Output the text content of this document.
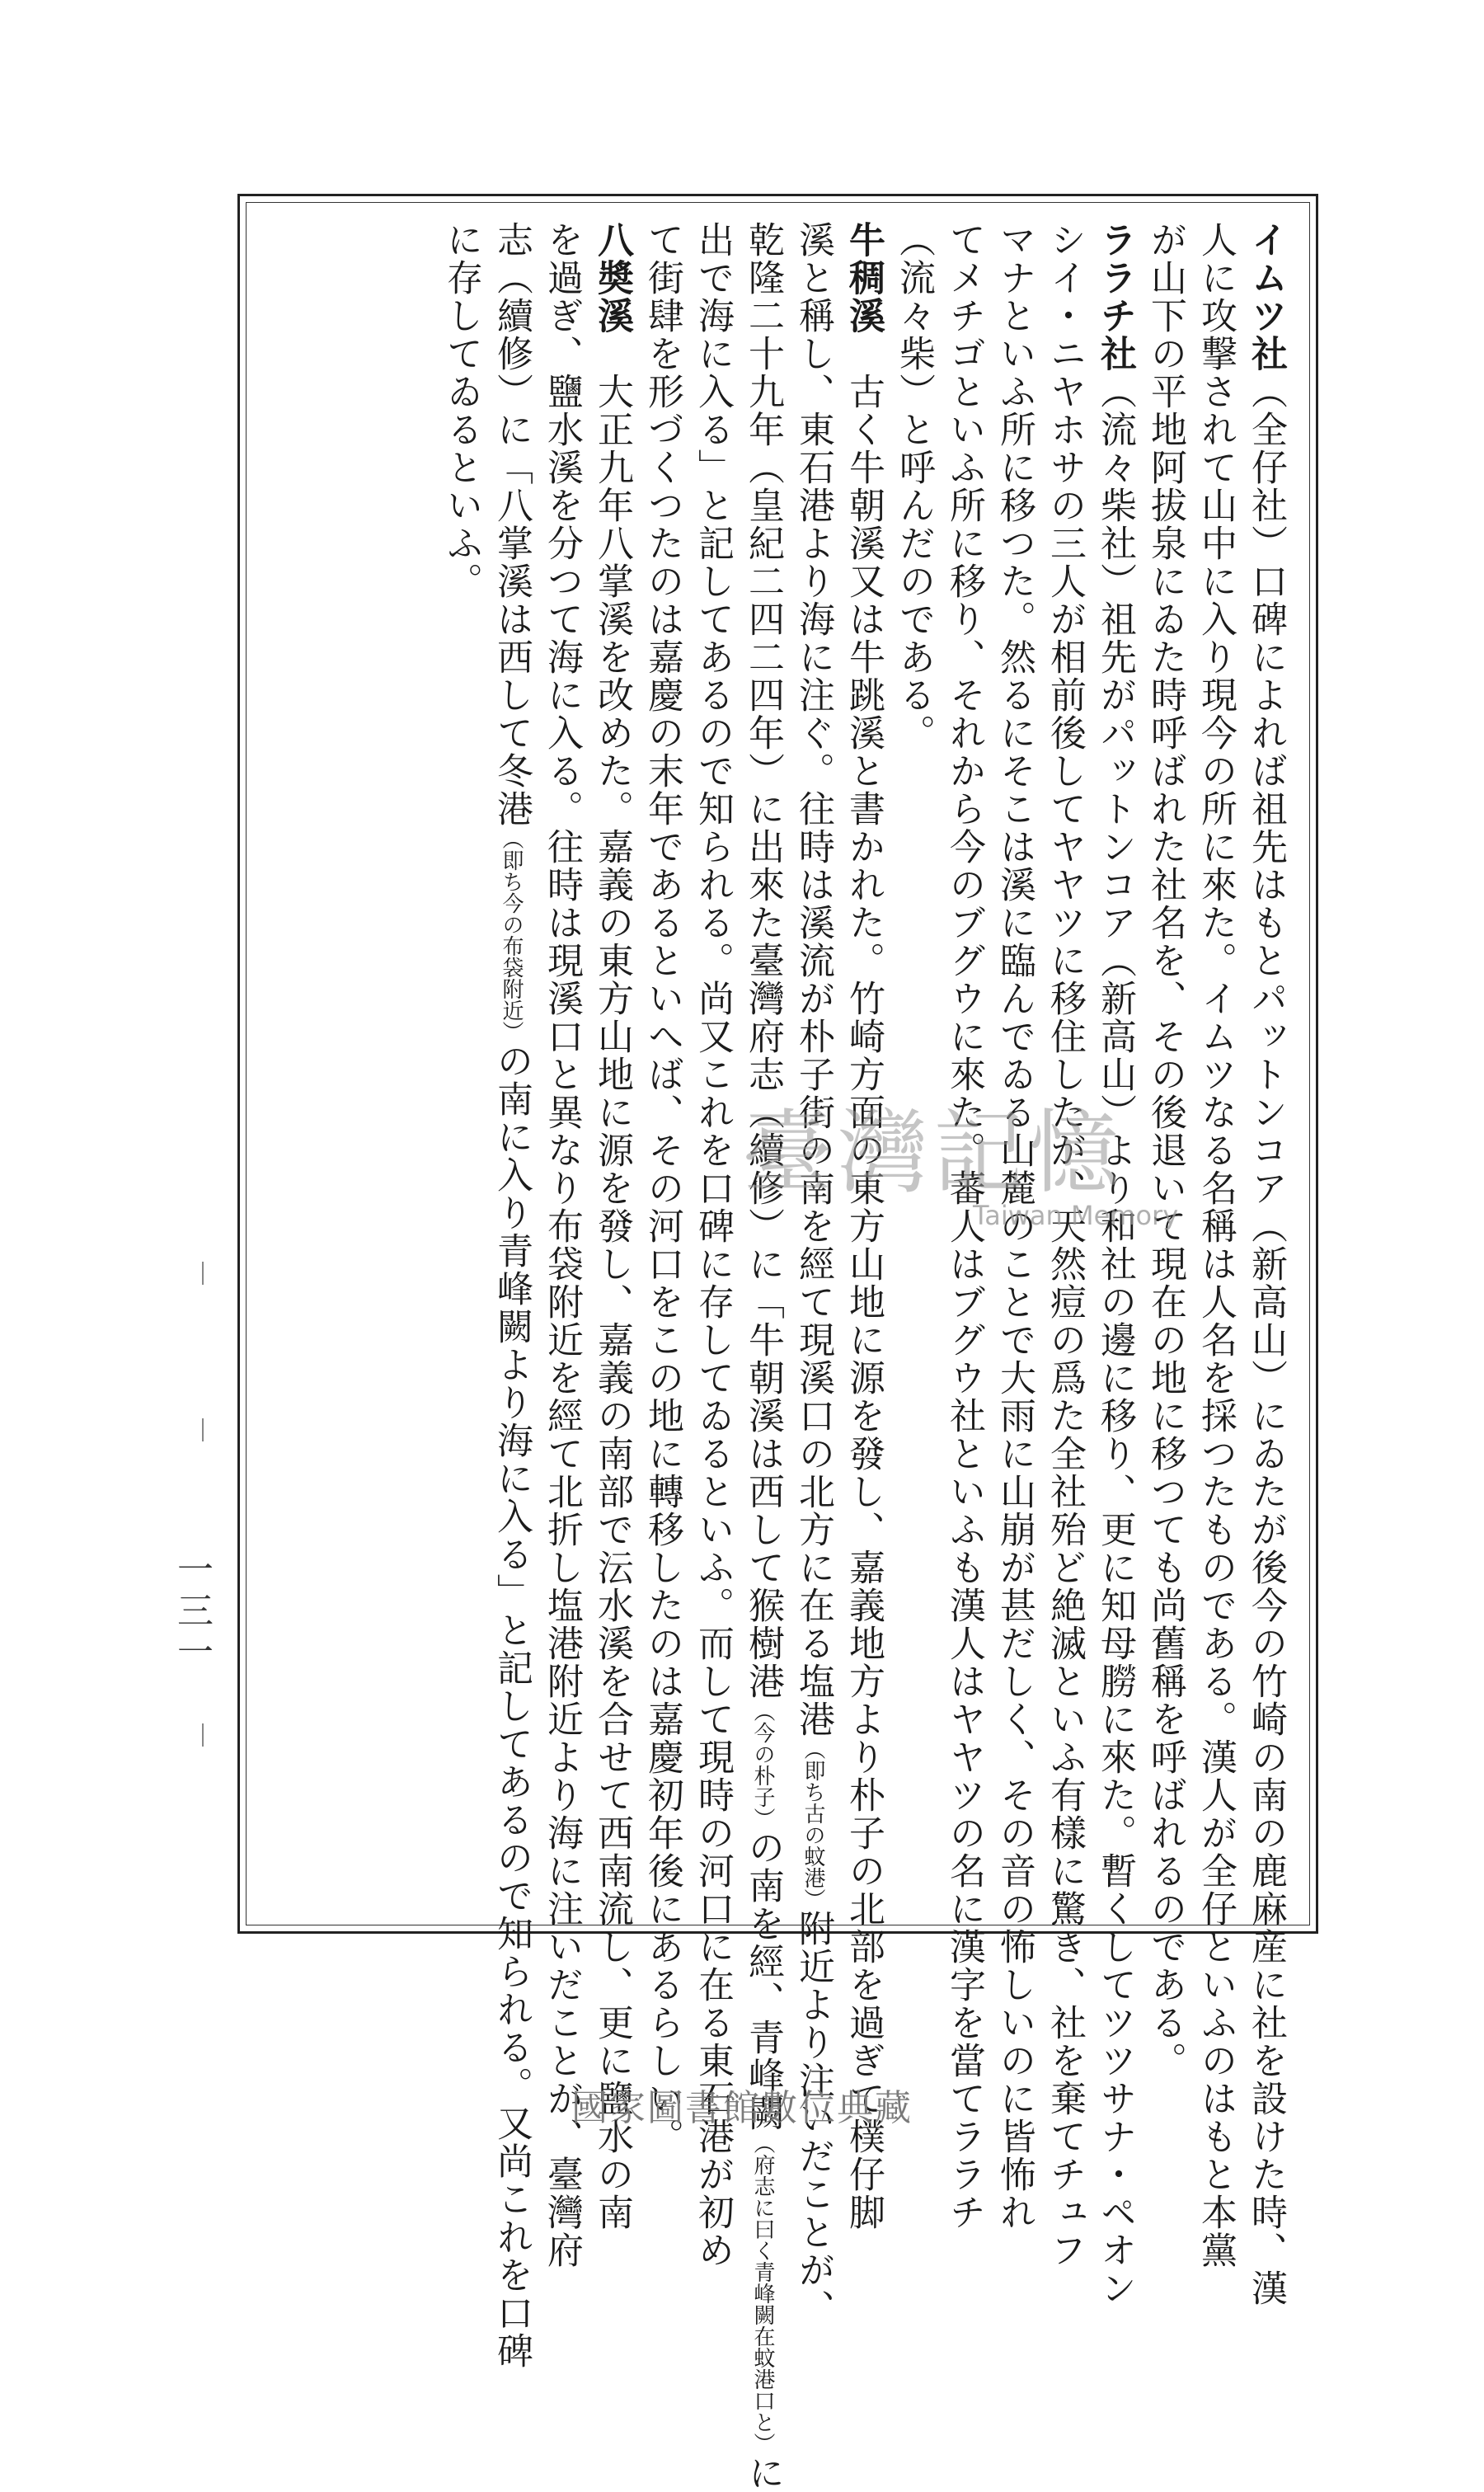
イムツ社（全仔社）口碑によれば祖先はもとパットンコア（新高山）にゐたが後今の竹崎の南の鹿麻産に社を設けた時、漢
人に攻撃されて山中に入り現今の所に來た。イムツなる名稱は人名を採つたものである。漢人が全仔といふのはもと本黨
が山下の平地阿拔泉にゐた時呼ばれた社名を、その後退いて現在の地に移つても尚舊稱を呼ばれるのである。
ララチ社（流々柴社）祖先がパットンコア（新高山）より和社の邊に移り、更に知母朥に來た。暫くしてツツサナ・ペオン
シイ・ニヤホサの三人が相前後してヤヤツに移住したが、天然痘の爲た全社殆ど絶滅といふ有樣に驚き、社を棄てチュフ
マナといふ所に移つた。然るにそこは溪に臨んでゐる山麓のことで大雨に山崩が甚だしく、その音の怖しいのに皆怖れ
てメチゴといふ所に移り、それから今のブグウに來た。蕃人はブグウ社といふも漢人はヤヤツの名に漢字を當てララチ
（流々柴）と呼んだのである。
牛稠溪　古く牛朝溪又は牛跳溪と書かれた。竹崎方面の東方山地に源を發し、嘉義地方より朴子の北部を過ぎて樸仔脚
溪と稱し、東石港より海に注ぐ。往時は溪流が朴子街の南を經て現溪口の北方に在る塩港（即ち古の蚊港）附近より注いだことが、
乾隆二十九年（皇紀二四二四年）に出來た臺灣府志（續修）に「牛朝溪は西して猴樹港（今の朴子）の南を經、青峰闕（府志に曰く青峰闕在蚊港口と）に
出で海に入る」と記してあるので知られる。尚又これを口碑に存してゐるといふ。而して現時の河口に在る東石港が初め
て街肆を形づくつたのは嘉慶の末年であるといへば、その河口をこの地に轉移したのは嘉慶初年後にあるらしい。
八奬溪　大正九年八掌溪を改めた。嘉義の東方山地に源を發し、嘉義の南部で沄水溪を合せて西南流し、更に鹽水の南
を過ぎ、鹽水溪を分つて海に入る。往時は現溪口と異なり布袋附近を經て北折し塩港附近より海に注いだことが、臺灣府
志（續修）に「八掌溪は西して冬港（即ち今の布袋附近）の南に入り青峰闕より海に入る」と記してあるので知られる。又尚これを口碑
に存してゐるといふ。
一三一
臺灣記憶
Taiwan Memory
國家圖書館數位典藏
